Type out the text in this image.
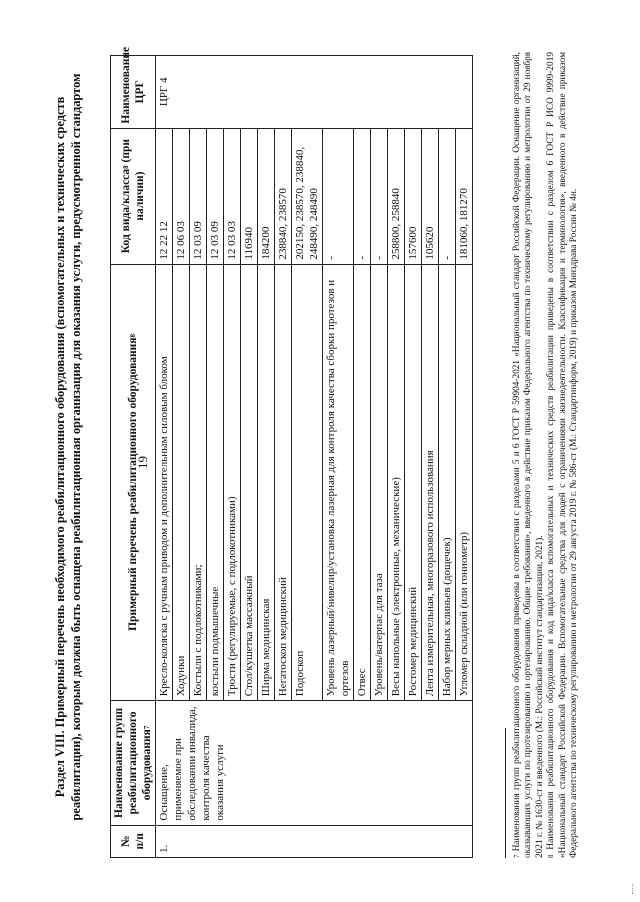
19
Раздел VIII. Примерный перечень необходимого реабилитационного оборудования (вспомогательных и технических средств реабилитации), которым должна быть оснащена реабилитационная организация для оказания услуги, предусмотренной стандартом
№ п/п	Наименование групп реабилитационного оборудования$^7$	Примерный перечень реабилитационного оборудования$^8$	Код вида/класса$^8$ (при наличии)	Наименование ЦРГ
1.	Оснащение, применяемое при обследовании инвалида, контроля качества оказания услуги	Кресло-коляска с ручным приводом и дополнительным силовым блоком	12 22 12	ЦРГ 4
		Ходунки	12 06 03	
		Костыли с подлокотниками;	12 03 09	
		костыли подмышечные	12 03 09	
		Трости (регулируемые, с подлокотниками)	12 03 03	
		Стол/кушетка массажный	116940	
		Ширма медицинская	184200	
		Негатоскоп медицинский	238840, 238570	
		Подоскоп	202150, 238570, 238840, 248490, 248490	
		Уровень лазерный/нивелир/установка лазерная для контроля качества сборки протезов и ортезов	-	
		Отвес	-	
		Уровень/ватерпас для таза	-	
		Весы напольные (электронные, механические)	258800, 258840	
		Ростомер медицинский	157600	
		Лента измерительная, многоразового использования	105620	
		Набор мерных клиньев (дощечек)	-	
		Угломер складной (или гониометр)	181060, 181270	

$^7$ Наименования групп реабилитационного оборудования приведены в соответствии с разделами 5 и 6 ГОСТ Р 59904-2021 «Национальный стандарт Российской Федерации. Оснащение организаций, оказывающих услуги по протезированию и ортезированию. Общие требования», введенного в действие приказом Федерального агентства по техническому регулированию и метрологии от 29 ноября 2021 г. № 1630-ст и введенного (М.: Российский институт стандартизации, 2021). $^8$ Наименования реабилитационного оборудования и код вида/класса вспомогательных и технических средств реабилитации приведены в соответствии с разделом 6 ГОСТ Р ИСО 9999-2019 «Национальный стандарт Российской Федерации. Вспомогательные средства для людей с ограничениями жизнедеятельности. Классификация и терминология», введенного в действие приказом Федерального агентства по техническому регулированию и метрологии от 29 августа 2019 г. № 586-ст (М.: Стандартинформ, 2019) и приказом Минздрава России № 4н.
